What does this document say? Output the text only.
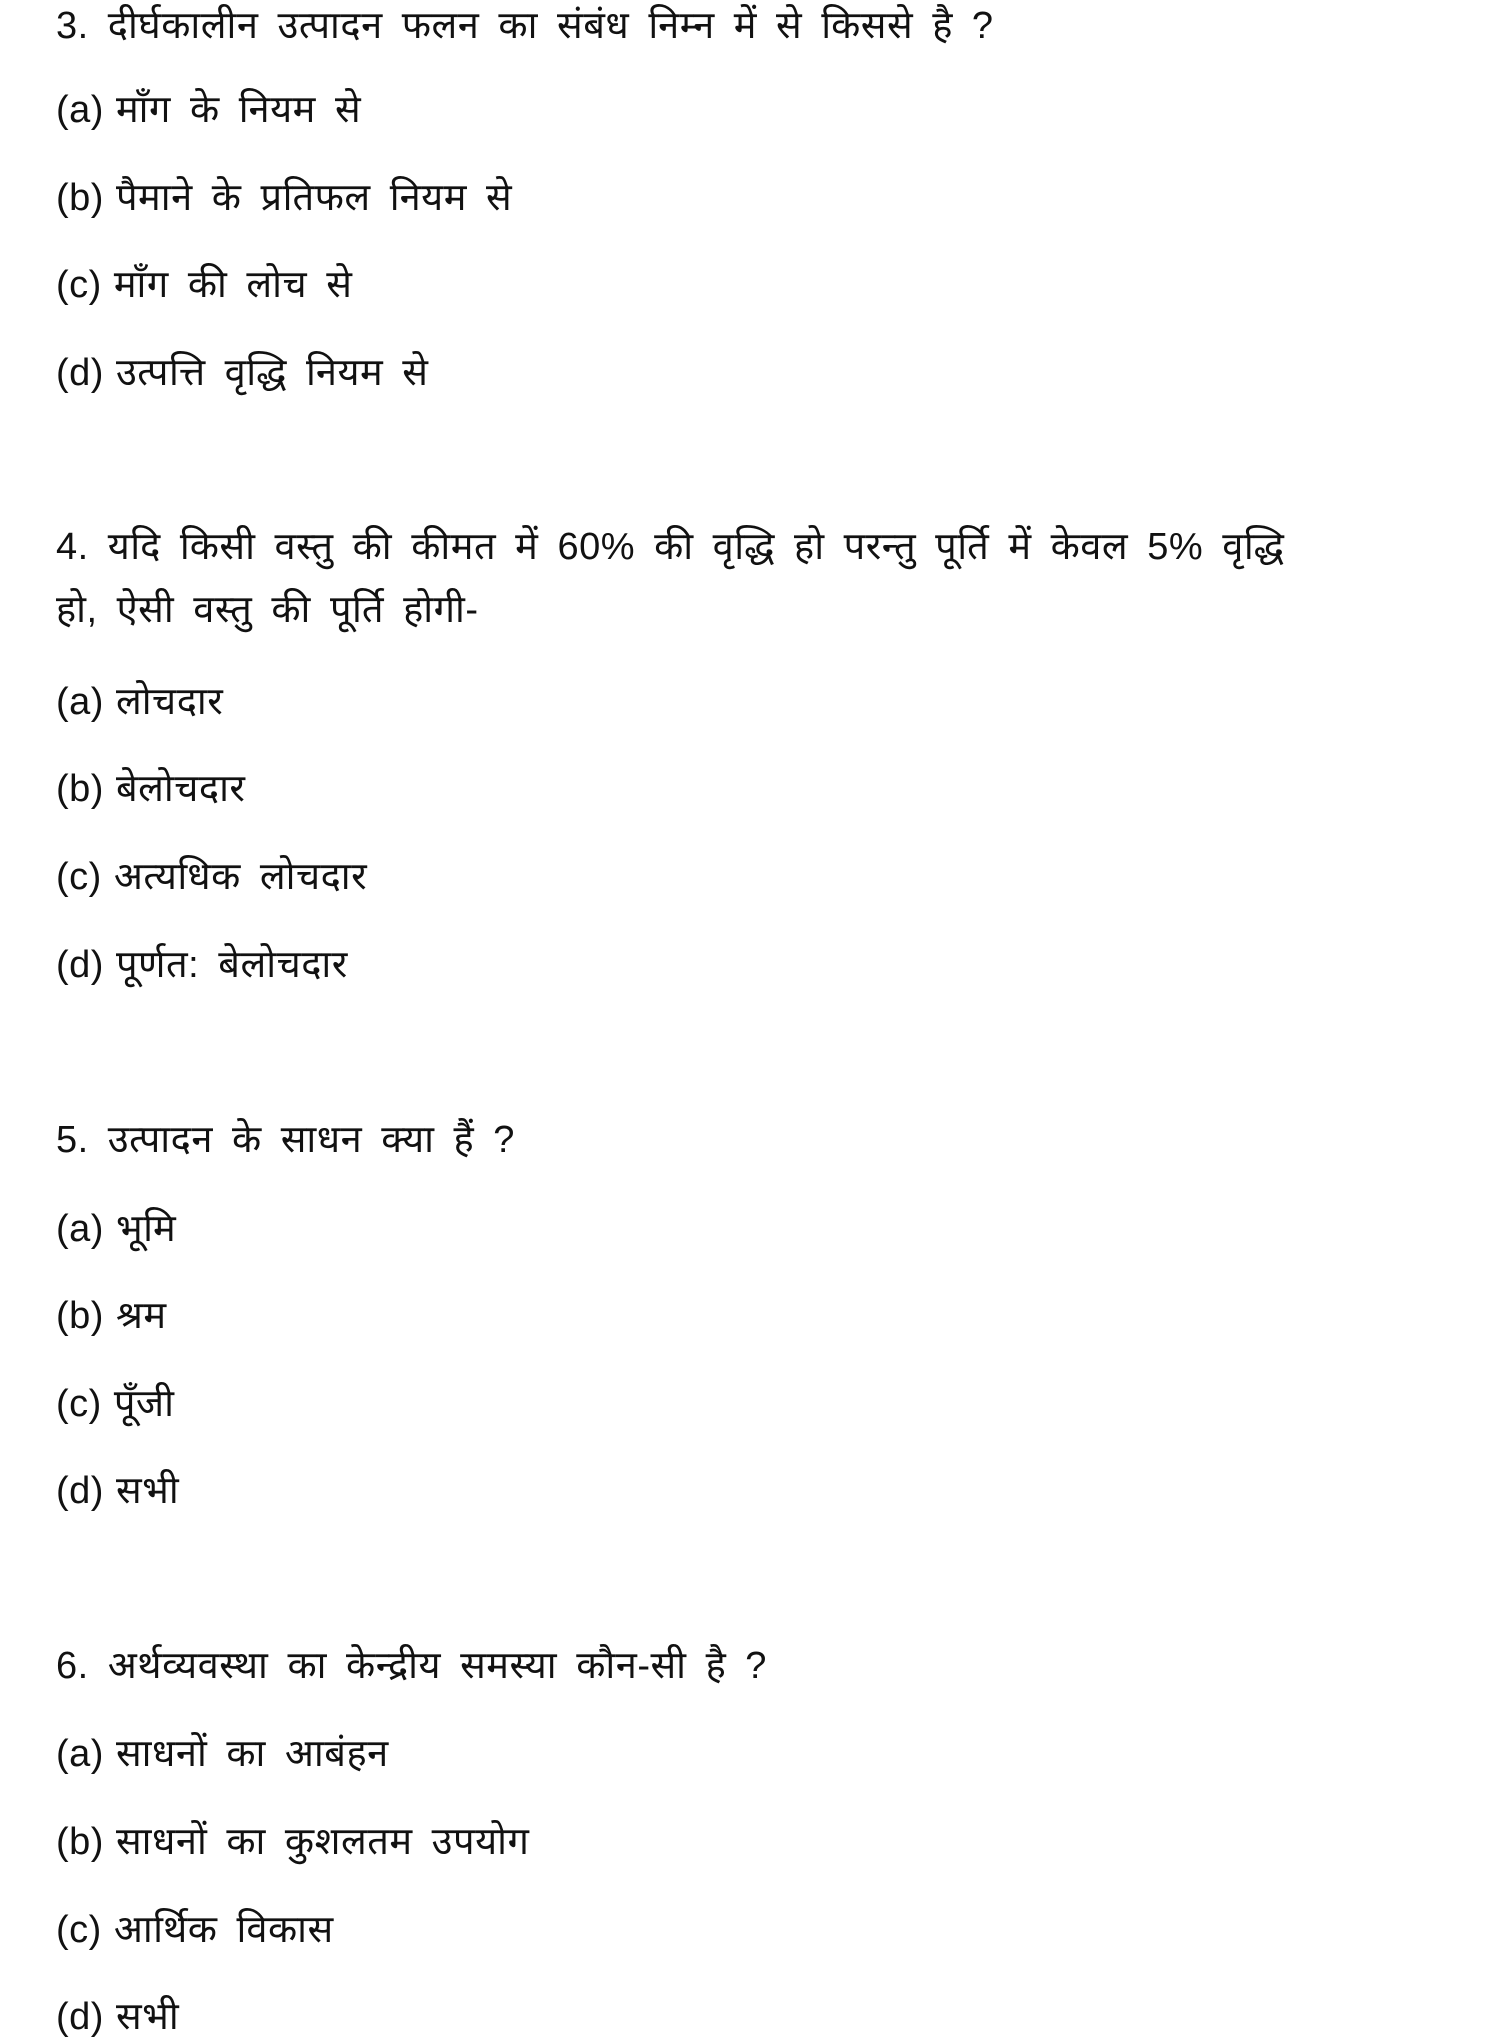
3. दीर्घकालीन उत्पादन फलन का संबंध निम्न में से किससे है ?
(a) माँग के नियम से
(b) पैमाने के प्रतिफल नियम से
(c) माँग की लोच से
(d) उत्पत्ति वृद्धि नियम से
4. यदि किसी वस्तु की कीमत में 60% की वृद्धि हो परन्तु पूर्ति में केवल 5% वृद्धि
हो, ऐसी वस्तु की पूर्ति होगी-
(a) लोचदार
(b) बेलोचदार
(c) अत्यधिक लोचदार
(d) पूर्णत: बेलोचदार
5. उत्पादन के साधन क्या हैं ?
(a) भूमि
(b) श्रम
(c) पूँजी
(d) सभी
6. अर्थव्यवस्था का केन्द्रीय समस्या कौन-सी है ?
(a) साधनों का आबंहन
(b) साधनों का कुशलतम उपयोग
(c) आर्थिक विकास
(d) सभी
